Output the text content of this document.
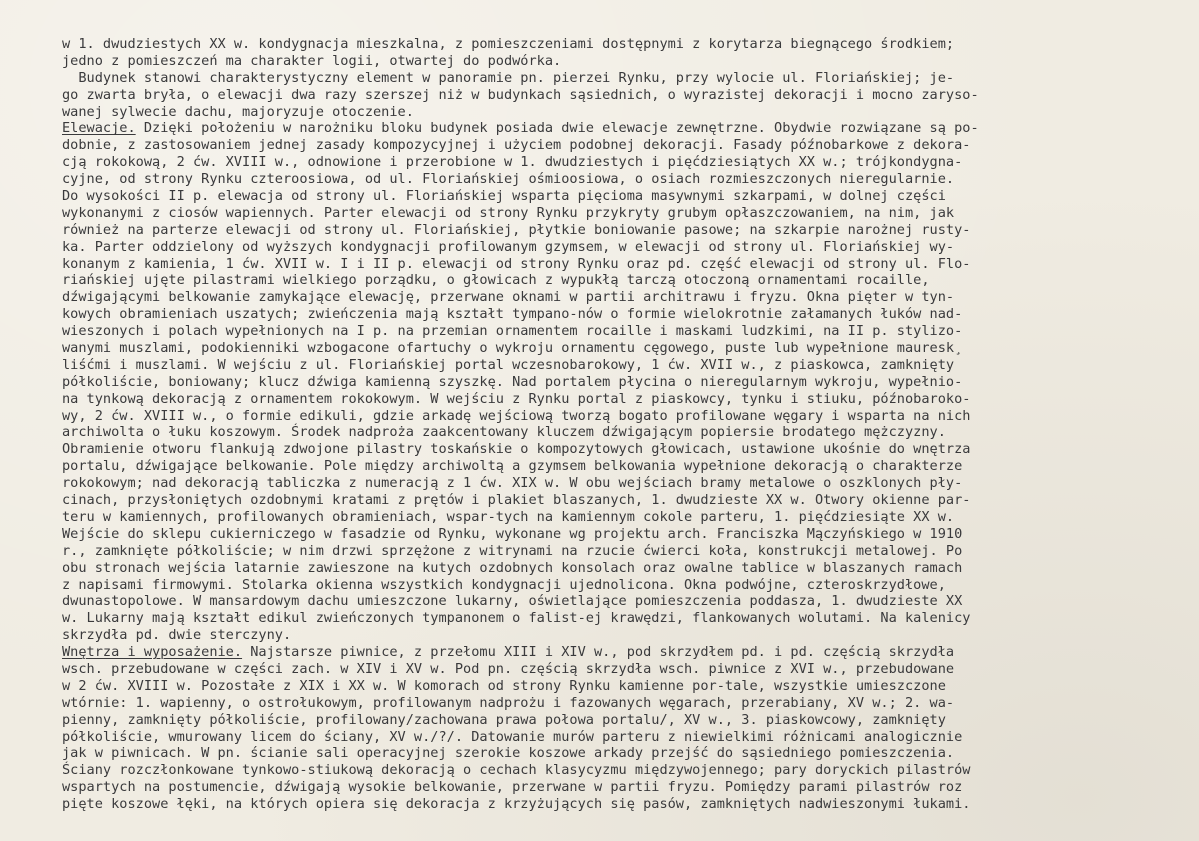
w 1. dwudziestych XX w. kondygnacja mieszkalna, z pomieszczeniami dostępnymi z korytarza biegnącego środkiem;
jedno z pomieszczeń ma charakter logii, otwartej do podwórka.
Budynek stanowi charakterystyczny element w panoramie pn. pierzei Rynku, przy wylocie ul. Floriańskiej; je-
go zwarta bryła, o elewacji dwa razy szerszej niż w budynkach sąsiednich, o wyrazistej dekoracji i mocno zaryso-
wanej sylwecie dachu, majoryzuje otoczenie.
Elewacje. Dzięki położeniu w narożniku bloku budynek posiada dwie elewacje zewnętrzne. Obydwie rozwiązane są po-
dobnie, z zastosowaniem jednej zasady kompozycyjnej i użyciem podobnej dekoracji. Fasady późnobarkowe z dekora-
cją rokokową, 2 ćw. XVIII w., odnowione i przerobione w 1. dwudziestych i pięćdziesiątych XX w.; trójkondygna-
cyjne, od strony Rynku czteroosiowa, od ul. Floriańskiej ośmioosiowa, o osiach rozmieszczonych nieregularnie.
Do wysokości II p. elewacja od strony ul. Floriańskiej wsparta pięcioma masywnymi szkarpami, w dolnej części
wykonanymi z ciosów wapiennych. Parter elewacji od strony Rynku przykryty grubym opłaszczowaniem, na nim, jak
również na parterze elewacji od strony ul. Floriańskiej, płytkie boniowanie pasowe; na szkarpie narożnej rusty-
ka. Parter oddzielony od wyższych kondygnacji profilowanym gzymsem, w elewacji od strony ul. Floriańskiej wy-
konanym z kamienia, 1 ćw. XVII w. I i II p. elewacji od strony Rynku oraz pd. część elewacji od strony ul. Flo-
riańskiej ujęte pilastrami wielkiego porządku, o głowicach z wypukłą tarczą otoczoną ornamentami rocaille,
dźwigającymi belkowanie zamykające elewację, przerwane oknami w partii architrawu i fryzu. Okna pięter w tyn-
kowych obramieniach uszatych; zwieńczenia mają kształt tympano-nów o formie wielokrotnie załamanych łuków nad-
wieszonych i polach wypełnionych na I p. na przemian ornamentem rocaille i maskami ludzkimi, na II p. stylizo-
wanymi muszlami, podokienniki wzbogacone ofartuchy o wykroju ornamentu cęgowego, puste lub wypełnione mauresk¸
liśćmi i muszlami. W wejściu z ul. Floriańskiej portal wczesnobarokowy, 1 ćw. XVII w., z piaskowca, zamknięty
półkoliście, boniowany; klucz dźwiga kamienną szyszkę. Nad portalem płycina o nieregularnym wykroju, wypełnio-
na tynkową dekoracją z ornamentem rokokowym. W wejściu z Rynku portal z piaskowcy, tynku i stiuku, późnobaroko-
wy, 2 ćw. XVIII w., o formie edikuli, gdzie arkadę wejściową tworzą bogato profilowane węgary i wsparta na nich
archiwolta o łuku koszowym. Środek nadproża zaakcentowany kluczem dźwigającym popiersie brodatego mężczyzny.
Obramienie otworu flankują zdwojone pilastry toskańskie o kompozytowych głowicach, ustawione ukośnie do wnętrza
portalu, dźwigające belkowanie. Pole między archiwoltą a gzymsem belkowania wypełnione dekoracją o charakterze
rokokowym; nad dekoracją tabliczka z numeracją z 1 ćw. XIX w. W obu wejściach bramy metalowe o oszklonych pły-
cinach, przysłoniętych ozdobnymi kratami z prętów i plakiet blaszanych, 1. dwudzieste XX w. Otwory okienne par-
teru w kamiennych, profilowanych obramieniach, wspar-tych na kamiennym cokole parteru, 1. pięćdziesiąte XX w.
Wejście do sklepu cukierniczego w fasadzie od Rynku, wykonane wg projektu arch. Franciszka Mączyńskiego w 1910
r., zamknięte półkoliście; w nim drzwi sprzężone z witrynami na rzucie ćwierci koła, konstrukcji metalowej. Po
obu stronach wejścia latarnie zawieszone na kutych ozdobnych konsolach oraz owalne tablice w blaszanych ramach
z napisami firmowymi. Stolarka okienna wszystkich kondygnacji ujednolicona. Okna podwójne, czteroskrzydłowe,
dwunastopolowe. W mansardowym dachu umieszczone lukarny, oświetlające pomieszczenia poddasza, 1. dwudzieste XX
w. Lukarny mają kształt edikul zwieńczonych tympanonem o falist-ej krawędzi, flankowanych wolutami. Na kalenicy
skrzydła pd. dwie sterczyny.
Wnętrza i wyposażenie. Najstarsze piwnice, z przełomu XIII i XIV w., pod skrzydłem pd. i pd. częścią skrzydła
wsch. przebudowane w części zach. w XIV i XV w. Pod pn. częścią skrzydła wsch. piwnice z XVI w., przebudowane
w 2 ćw. XVIII w. Pozostałe z XIX i XX w. W komorach od strony Rynku kamienne por-tale, wszystkie umieszczone
wtórnie: 1. wapienny, o ostrołukowym, profilowanym nadprożu i fazowanych węgarach, przerabiany, XV w.; 2. wa-
pienny, zamknięty półkoliście, profilowany/zachowana prawa połowa portalu/, XV w., 3. piaskowcowy, zamknięty
półkoliście, wmurowany licem do ściany, XV w./?/. Datowanie murów parteru z niewielkimi różnicami analogicznie
jak w piwnicach. W pn. ścianie sali operacyjnej szerokie koszowe arkady przejść do sąsiedniego pomieszczenia.
Ściany rozczłonkowane tynkowo-stiukową dekoracją o cechach klasycyzmu międzywojennego; pary doryckich pilastrów
wspartych na postumencie, dźwigają wysokie belkowanie, przerwane w partii fryzu. Pomiędzy parami pilastrów roz
pięte koszowe łęki, na których opiera się dekoracja z krzyżujących się pasów, zamkniętych nadwieszonymi łukami.
